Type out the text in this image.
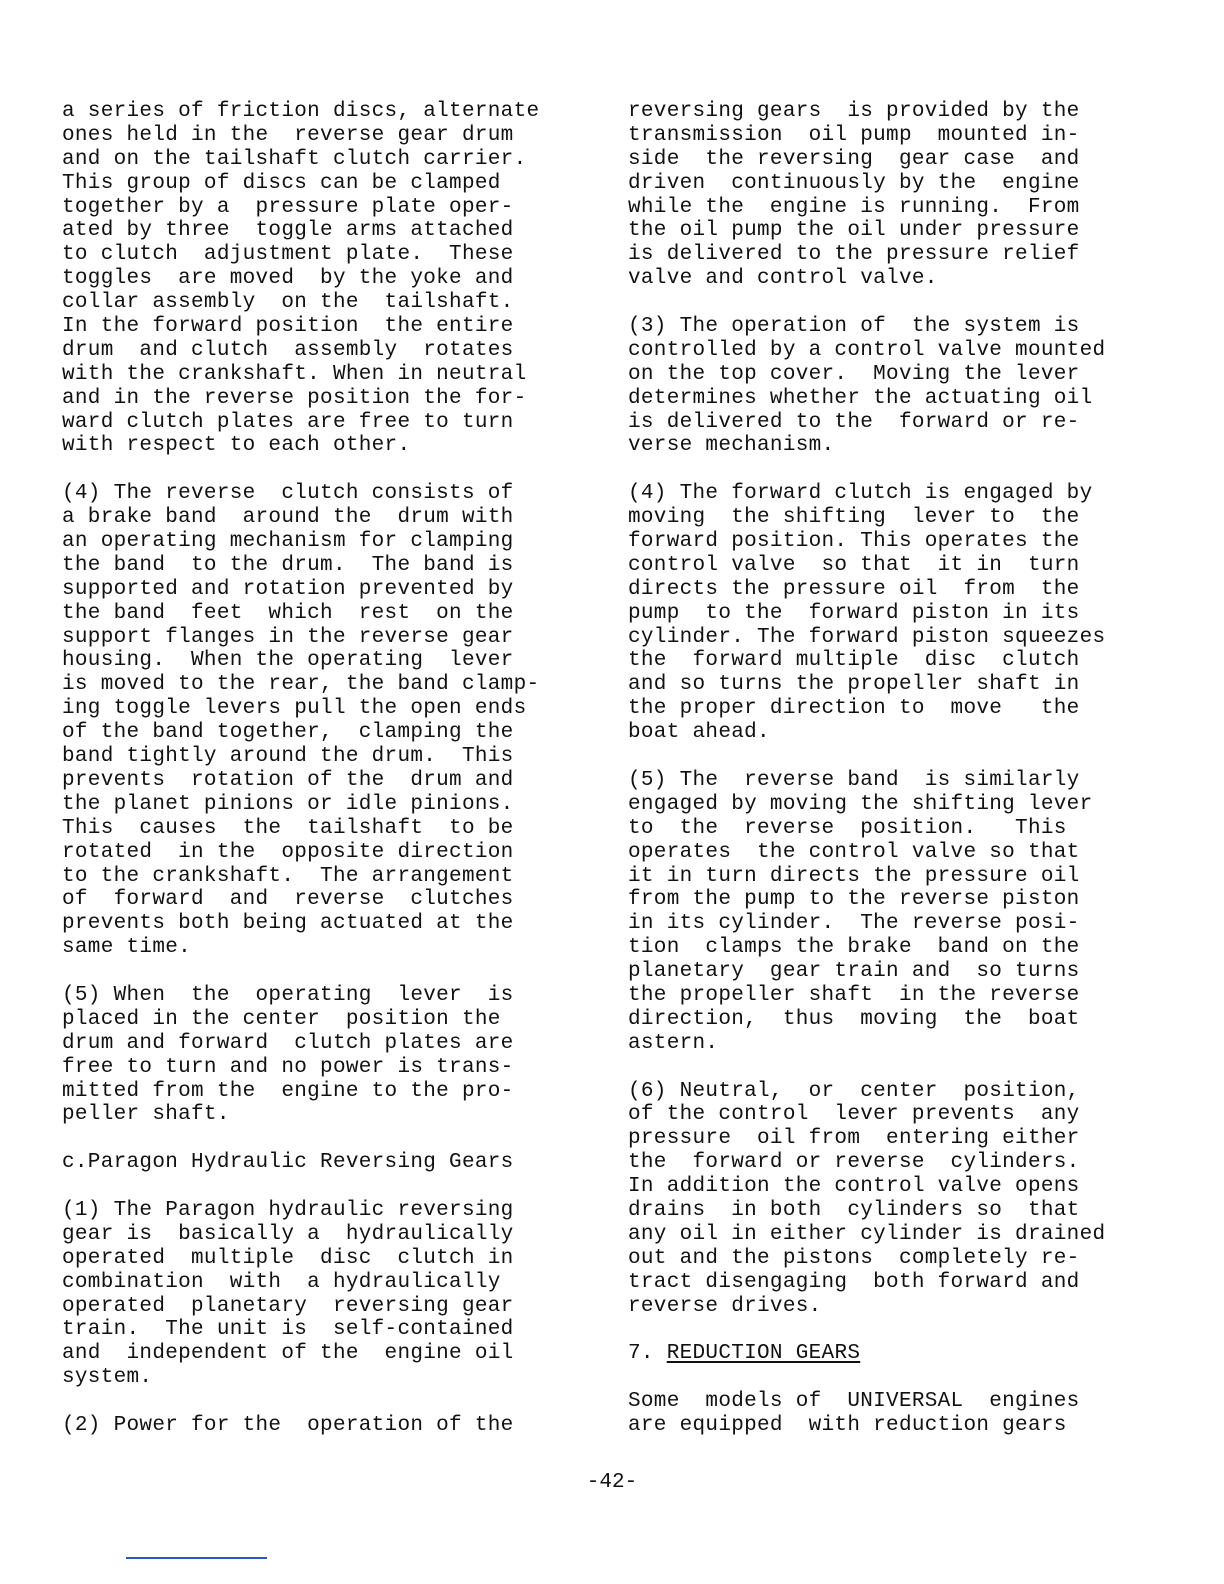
a series of friction discs, alternate
ones held in the  reverse gear drum
and on the tailshaft clutch carrier.
This group of discs can be clamped
together by a  pressure plate oper-
ated by three  toggle arms attached
to clutch  adjustment plate.  These
toggles  are moved  by the yoke and
collar assembly  on the  tailshaft.
In the forward position  the entire
drum  and clutch  assembly  rotates
with the crankshaft. When in neutral
and in the reverse position the for-
ward clutch plates are free to turn
with respect to each other.
(4) The reverse  clutch consists of
a brake band  around the  drum with
an operating mechanism for clamping
the band  to the drum.  The band is
supported and rotation prevented by
the band  feet  which  rest  on the
support flanges in the reverse gear
housing.  When the operating  lever
is moved to the rear, the band clamp-
ing toggle levers pull the open ends
of the band together,  clamping the
band tightly around the drum.  This
prevents  rotation of the  drum and
the planet pinions or idle pinions.
This  causes  the  tailshaft  to be
rotated  in the  opposite direction
to the crankshaft.  The arrangement
of  forward  and  reverse  clutches
prevents both being actuated at the
same time.
(5) When  the  operating  lever  is
placed in the center  position the
drum and forward  clutch plates are
free to turn and no power is trans-
mitted from the  engine to the pro-
peller shaft.
c.Paragon Hydraulic Reversing Gears
(1) The Paragon hydraulic reversing
gear is  basically a  hydraulically
operated  multiple  disc  clutch in
combination  with  a hydraulically
operated  planetary  reversing gear
train.  The unit is  self-contained
and  independent of the  engine oil
system.
(2) Power for the  operation of the
reversing gears  is provided by the
transmission  oil pump  mounted in-
side  the reversing  gear case  and
driven  continuously by the  engine
while the  engine is running.  From
the oil pump the oil under pressure
is delivered to the pressure relief
valve and control valve.
(3) The operation of  the system is
controlled by a control valve mounted
on the top cover.  Moving the lever
determines whether the actuating oil
is delivered to the  forward or re-
verse mechanism.
(4) The forward clutch is engaged by
moving  the shifting  lever to  the
forward position. This operates the
control valve  so that  it in  turn
directs the pressure oil  from  the
pump  to the  forward piston in its
cylinder. The forward piston squeezes
the  forward multiple  disc  clutch
and so turns the propeller shaft in
the proper direction to  move   the
boat ahead.
(5) The  reverse band  is similarly
engaged by moving the shifting lever
to  the  reverse  position.   This
operates  the control valve so that
it in turn directs the pressure oil
from the pump to the reverse piston
in its cylinder.  The reverse posi-
tion  clamps the brake  band on the
planetary  gear train and  so turns
the propeller shaft  in the reverse
direction,  thus  moving  the  boat
astern.
(6) Neutral,  or  center  position,
of the control  lever prevents  any
pressure  oil from  entering either
the  forward or reverse  cylinders.
In addition the control valve opens
drains  in both  cylinders so  that
any oil in either cylinder is drained
out and the pistons  completely re-
tract disengaging  both forward and
reverse drives.
7. REDUCTION GEARS
Some  models of  UNIVERSAL  engines
are equipped  with reduction gears
-42-
